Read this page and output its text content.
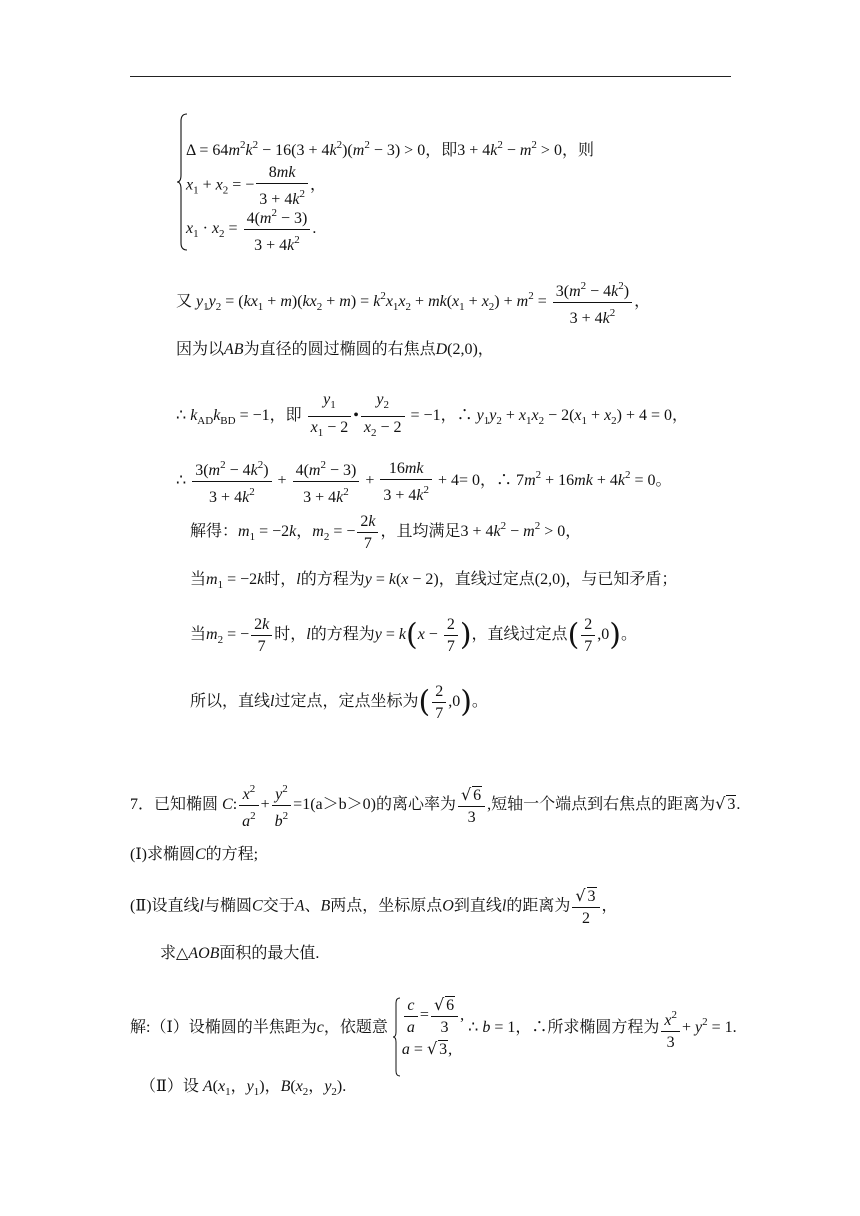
$\Delta = 64m^2k^2 - 16(3 + 4k^2)(m^2 - 3) > 0$，即$3 + 4k^2 - m^2 > 0$，则
$x_1 + x_2$ = − $\frac{8mk}{3 + 4k^2}$ ，
$x_1 \cdot x_2 = \frac{4(m^2 - 3)}{3 + 4k^2}$ .
又 $y_1y_2 = (kx_1 + m)(kx_2 + m) = k^2x_1x_2 + mk(x_1 + x_2) + m^2 = \frac{3(m^2 - 4k^2)}{3 + 4k^2}$ ，
因为以AB为直径的圆过椭圆的右焦点D(2,0)，
∴ $k_{AD}k_{BD} = -1$，即 $\frac{y_1}{x_1 - 2}$ • $\frac{y_2}{x_2 - 2} = -1$，∴ $y_1y_2 + x_1x_2 - 2(x_1 + x_2) + 4 = 0$，
∴ $\frac{3(m^2 - 4k^2)}{3 + 4k^2} + \frac{4(m^2 - 3)}{3 + 4k^2} + \frac{16mk}{3 + 4k^2} + 4= 0$，∴ $7m^2 + 16mk + 4k^2 = 0$。
解得：$m_1 = -2k$，$m_2$ = − $\frac{2k}{7}$ ，且均满足$3 + 4k^2 - m^2 > 0$，
当$m_1 = -2k$时，l的方程为y = k(x − 2)，直线过定点(2,0)，与已知矛盾；
当$m_2$ = − $\frac{2k}{7}$ 时，l的方程为$y = k(x - \frac{2}{7}$ )，直线过定点( $\frac{2}{7} ,0$)。
所以，直线l过定点，定点坐标为( $\frac{2}{7} ,0$)。
7．已知椭圆 C: $\frac{x^2}{a^2} + \frac{y^2}{b^2} =1(a>b>0)$的离心率为 $\frac{√ 6}{3}$ ,短轴一个端点到右焦点的距离为√ 3.
(Ⅰ)求椭圆C的方程;
(Ⅱ)设直线l与椭圆C交于A、B两点，坐标原点O到直线l的距离为 $\frac{√ 3}{2}$ ，
求△AOB面积的最大值.
解:（Ⅰ）设椭圆的半焦距为c，依题意 $\frac{c}{a} = \frac{√ 6}{3}$ ,
a = √ 3,
∴ b = 1，∴所求椭圆方程为 $\frac{x^2}{3} + y^2 = 1$.
（Ⅱ）设 $A(x_1$，$y_1$)，$B(x_2$，$y_2$).
